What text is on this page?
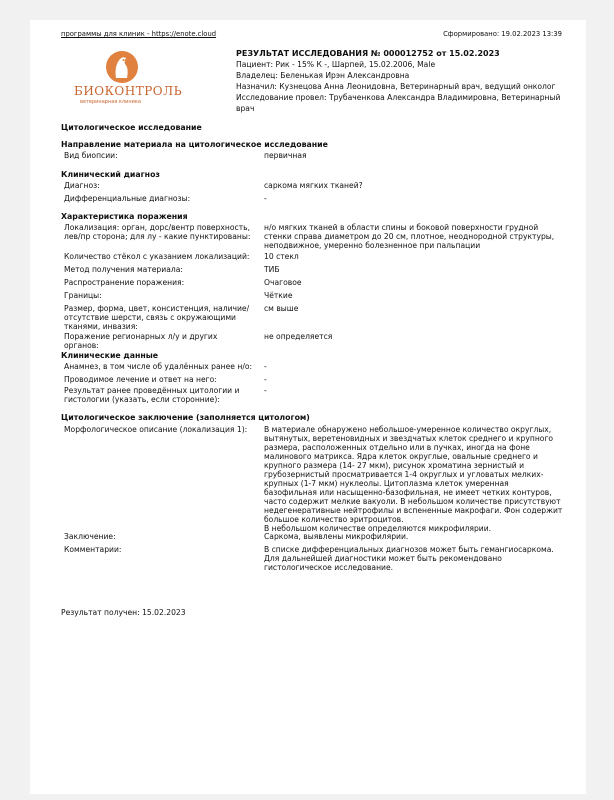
программы для клиник - https://enote.cloud	Сформировано: 19.02.2023 13:39
БИОКОНТРОЛЬ
ветеринарная клиника
РЕЗУЛЬТАТ ИССЛЕДОВАНИЯ № 000012752 от 15.02.2023
Пациент: Рик - 15% К -, Шарпей, 15.02.2006, Male
Владелец: Беленькая Ирэн Александровна
Назначил: Кузнецова Анна Леонидовна, Ветеринарный врач, ведущий онколог
Исследование провел: Трубаченкова Александра Владимировна, Ветеринарный врач
Цитологическое исследование
Направление материала на цитологическое исследование
Вид биопсии:	первичная
Клинический диагноз
Диагноз:	саркома мягких тканей?
Дифференциальные диагнозы:	-
Характеристика поражения
Локализация: орган, дорс/вентр поверхность, лев/пр сторона; для лу - какие пунктированы:
н/о мягких тканей в области спины и боковой поверхности грудной стенки справа диаметром до 20 см, плотное, неоднородной структуры, неподвижное, умеренно болезненное при пальпации
Количество стёкол с указанием локализаций:	10 стекл
Метод получения материала:	ТИБ
Распространение поражения:	Очаговое
Границы:	Чёткие
Размер, форма, цвет, консистенция, наличие/отсутствие шерсти, связь с окружающими тканями, инвазия:
см выше
Поражение регионарных л/у и других органов:
не определяется
Клинические данные
Анамнез, в том числе об удалённых ранее н/о: -
Проводимое лечение и ответ на него:	-
Результат ранее проведённых цитологии и гистологии (указать, если сторонние):
-
Цитологическое заключение (заполняется цитологом)
Морфологическое описание (локализация 1):	В материале обнаружено небольшое-умеренное количество округлых, вытянутых, веретеновидных и звездчатых клеток среднего и крупного размера, расположенных отдельно или в пучках, иногда на фоне малинового матрикса. Ядра клеток округлые, овальные среднего и крупного размера (14- 27 мкм), рисунок хроматина зернистый и грубозернистый просматривается 1-4 округлых и угловатых мелких-крупных (1-7 мкм) нуклеолы. Цитоплазма клеток умеренная базофильная или насыщенно-базофильная, не имеет четких контуров, часто содержит мелкие вакуоли. В небольшом количестве присутствуют недегенеративные нейтрофилы и вспененные макрофаги. Фон содержит большое количество эритроцитов.
В небольшом количестве определяются микрофилярии.
Заключение:	Саркома, выявлены микрофилярии.
Комментарии:	В списке дифференциальных диагнозов может быть гемангиосаркома. Для дальнейшей диагностики может быть рекомендовано гистологическое исследование.
Результат получен: 15.02.2023
